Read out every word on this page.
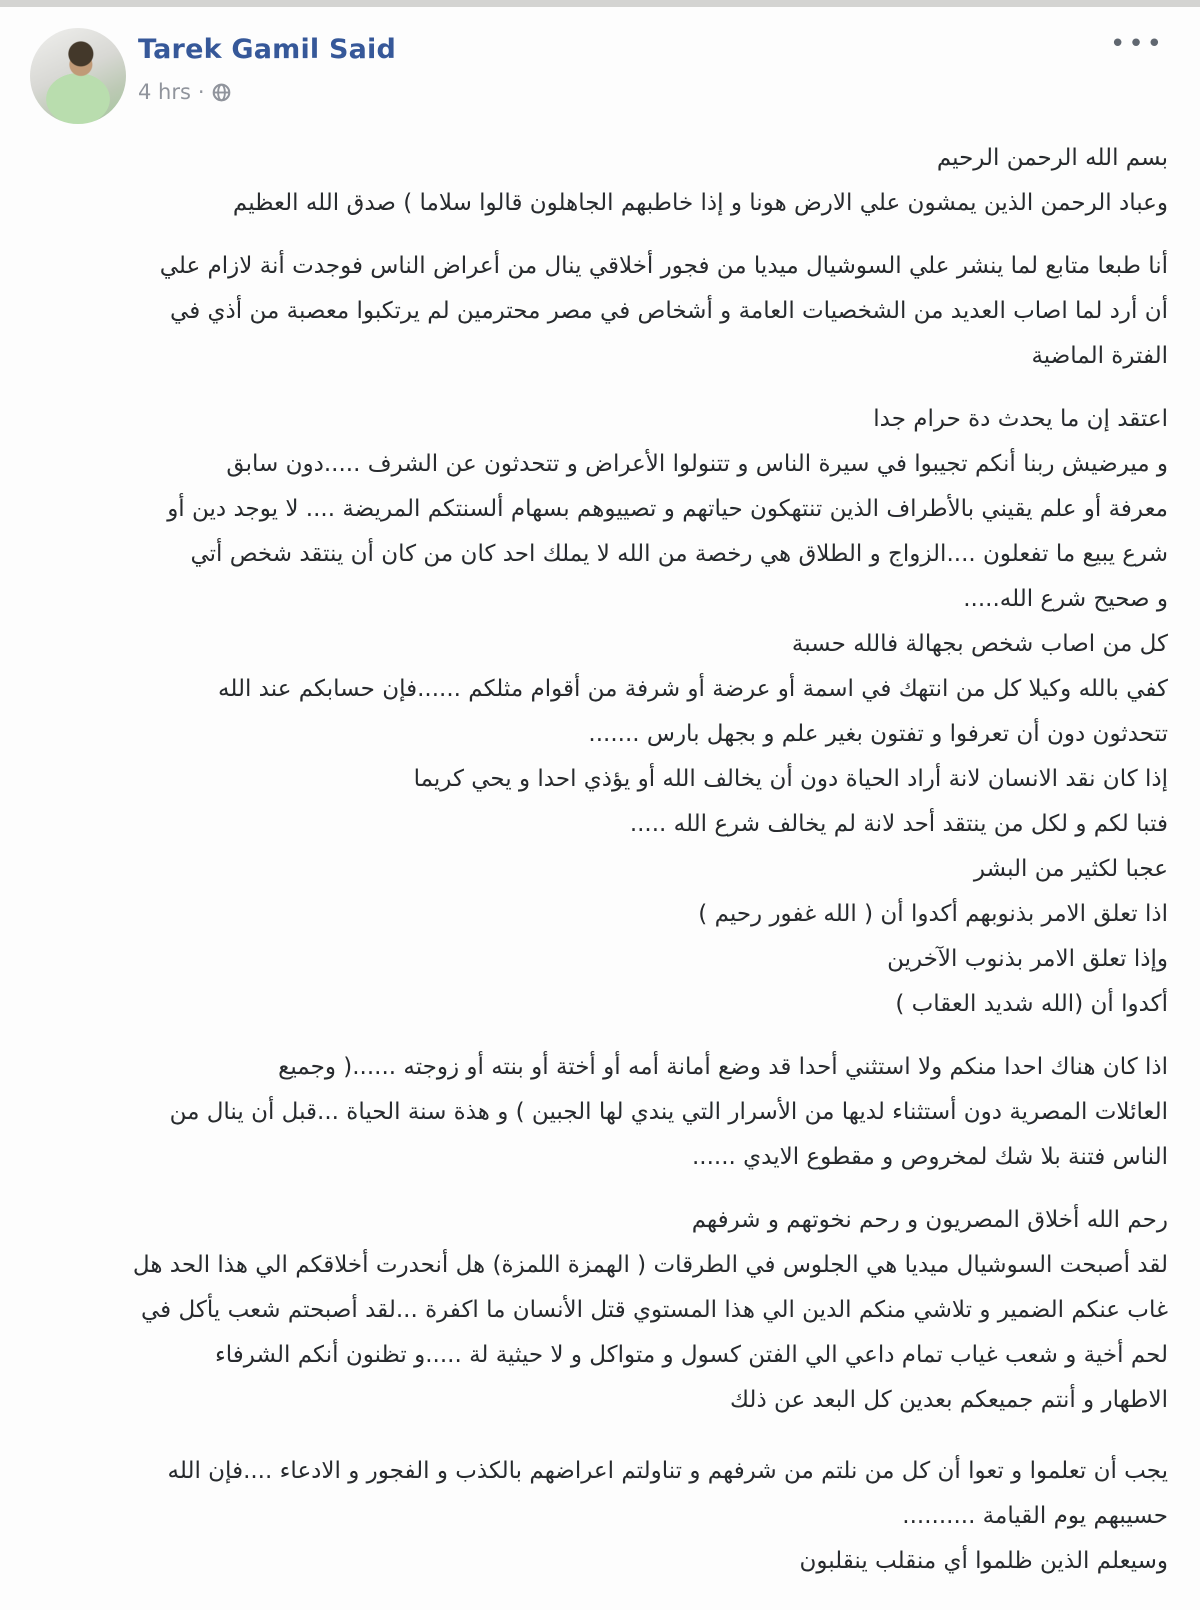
Tarek Gamil Said
4 hrs ·
•••
بسم الله الرحمن الرحيم
وعباد الرحمن الذين يمشون علي الارض هونا و إذا خاطبهم الجاهلون قالوا سلاما ) صدق الله العظيم
أنا طبعا متابع لما ينشر علي السوشيال ميديا من فجور أخلاقي ينال من أعراض الناس فوجدت أنة لازام علي
أن أرد لما اصاب العديد من الشخصيات العامة و أشخاص في مصر محترمين لم يرتكبوا معصبة من أذي في
الفترة الماضية
اعتقد إن ما يحدث دة حرام جدا
و ميرضيش ربنا أنكم تجيبوا في سيرة الناس و تتنولوا الأعراض و تتحدثون عن الشرف .....دون سابق
معرفة أو علم يقيني بالأطراف الذين تنتهكون حياتهم و تصييوهم بسهام ألسنتكم المريضة .... لا يوجد دين أو
شرع يبيع ما تفعلون ....الزواج و الطلاق هي رخصة من الله لا يملك احد كان من كان أن ينتقد شخص أتي
و صحيح شرع الله.....
كل من اصاب شخص بجهالة فالله حسبة
كفي بالله وكيلا كل من انتهك في اسمة أو عرضة أو شرفة من أقوام مثلكم ......فإن حسابكم عند الله
تتحدثون دون أن تعرفوا و تفتون بغير علم و بجهل بارس .......
إذا كان نقد الانسان لانة أراد الحياة دون أن يخالف الله أو يؤذي احدا و يحي كريما
فتبا لكم و لكل من ينتقد أحد لانة لم يخالف شرع الله .....
عجبا لكثير من البشر
اذا تعلق الامر بذنوبهم أكدوا أن ( الله غفور رحيم )
وإذا تعلق الامر بذنوب الآخرين
أكدوا أن (الله شديد العقاب )
اذا كان هناك احدا منكم ولا استثني أحدا قد وضع أمانة أمه أو أختة أو بنته أو زوجته ......( وجميع
العائلات المصرية دون أستثناء لديها من الأسرار التي يندي لها الجبين ) و هذة سنة الحياة ...قبل أن ينال من
الناس فتنة بلا شك لمخروص و مقطوع الايدي ......
رحم الله أخلاق المصريون و رحم نخوتهم و شرفهم
لقد أصبحت السوشيال ميديا هي الجلوس في الطرقات ( الهمزة اللمزة) هل أنحدرت أخلاقكم الي هذا الحد هل
غاب عنكم الضمير و تلاشي منكم الدين الي هذا المستوي قتل الأنسان ما اكفرة ...لقد أصبحتم شعب يأكل في
لحم أخية و شعب غياب تمام داعي الي الفتن كسول و متواكل و لا حيثية لة .....و تظنون أنكم الشرفاء
الاطهار و أنتم جميعكم بعدين كل البعد عن ذلك
يجب أن تعلموا و تعوا أن كل من نلتم من شرفهم و تناولتم اعراضهم بالكذب و الفجور و الادعاء ....فإن الله
حسيبهم يوم القيامة ..........
وسيعلم الذين ظلموا أي منقلب ينقلبون
